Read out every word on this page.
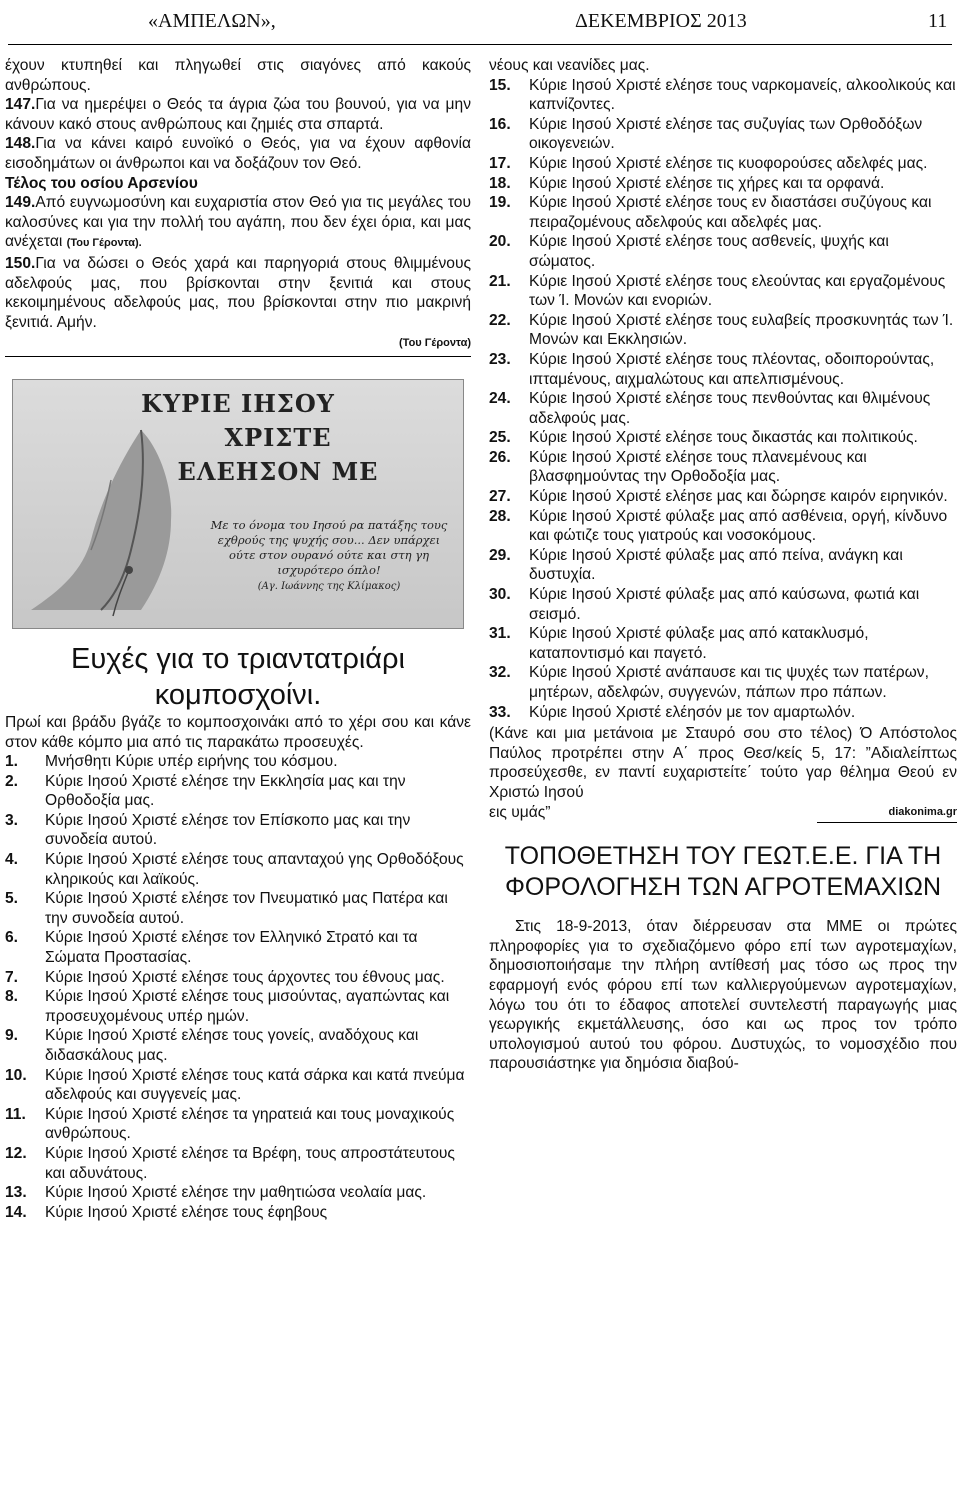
«ΑΜΠΕΛΩΝ»,	ΔΕΚΕΜΒΡΙΟΣ 2013	11

έχουν κτυπηθεί και πληγωθεί στις σιαγόνες από κακούς ανθρώπους.

147.Για να ημερέψει ο Θεός τα άγρια ζώα του βουνού, για να μην κάνουν κακό στους ανθρώπους και ζημιές στα σπαρτά.

148.Για να κάνει καιρό ευνοϊκό ο Θεός, για να έχουν αφθονία εισοδημάτων οι άνθρωποι και να δοξάζουν τον Θεό.

Τέλος του οσίου Αρσενίου

149.Από ευγνωμοσύνη και ευχαριστία στον Θεό για τις μεγάλες του καλοσύνες και για την πολλή του αγάπη, που δεν έχει όρια, και μας ανέχεται (Του Γέροντα).

150.Για να δώσει ο Θεός χαρά και παρηγοριά στους θλιμμένους αδελφούς μας, που βρίσκονται στην ξενιτιά και στους κεκοιμημένους αδελφούς μας, που βρίσκονται στην πιο μακρινή ξενιτιά. Αμήν.

(Του Γέροντα)
ΚΥΡΙΕ ΙΗΣΟΥ
ΧΡΙΣΤΕ
ΕΛΕΗΣΟΝ ΜΕ
Με το όνομα του Ιησού ρα πατάξης τους εχθρούς της ψυχής σου... Δεν υπάρχει ούτε στον ουρανό ούτε και στη γη ισχυρότερο όπλο!
(Αγ. Ιωάννης της Κλίμακος)
Ευχές για το τριαντατριάρι κομποσχοίνι.

Πρωί και βράδυ βγάζε το κομποσχοινάκι από το χέρι σου και κάνε στον κάθε κόμπο μια από τις παρακάτω προσευχές.

1.	Μνήσθητι Κύριε υπέρ ειρήνης του κόσμου.
2.	Κύριε Ιησού Χριστέ ελέησε την Εκκλησία μας και την Ορθοδοξία μας.
3.	Κύριε Ιησού Χριστέ ελέησε τον Επίσκοπο μας και την συνοδεία αυτού.
4.	Κύριε Ιησού Χριστέ ελέησε τους απανταχού γης Ορθοδόξους κληρικούς και λαϊκούς.
5.	Κύριε Ιησού Χριστέ ελέησε τον Πνευματικό μας Πατέρα και την συνοδεία αυτού.
6.	Κύριε Ιησού Χριστέ ελέησε τον Ελληνικό Στρατό και τα Σώματα Προστασίας.
7.	Κύριε Ιησού Χριστέ ελέησε τους άρχοντες του έθνους μας.
8.	Κύριε Ιησού Χριστέ ελέησε τους μισούντας, αγαπώντας και προσευχομένους υπέρ ημών.
9.	Κύριε Ιησού Χριστέ ελέησε τους γονείς, αναδόχους και διδασκάλους μας.
10.	Κύριε Ιησού Χριστέ ελέησε τους κατά σάρκα και κατά πνεύμα αδελφούς και συγγενείς μας.
11.	Κύριε Ιησού Χριστέ ελέησε τα γηρατειά και τους μοναχικούς ανθρώπους.
12.	Κύριε Ιησού Χριστέ ελέησε τα Βρέφη, τους απροστάτευτους και αδυνάτους.
13.	Κύριε Ιησού Χριστέ ελέησε την μαθητιώσα νεολαία μας.
14.	Κύριε Ιησού Χριστέ ελέησε τους έφηβους

νέους και νεανίδες μας.

15.	Κύριε Ιησού Χριστέ ελέησε τους ναρκομανείς, αλκοολικούς και καπνίζοντες.
16.	Κύριε Ιησού Χριστέ ελέησε τας συζυγίας των Ορθοδόξων οικογενειών.
17.	Κύριε Ιησού Χριστέ ελέησε τις κυοφορούσες αδελφές μας.
18.	Κύριε Ιησού Χριστέ ελέησε τις χήρες και τα ορφανά.
19.	Κύριε Ιησού Χριστέ ελέησε τους εν διαστάσει συζύγους και πειραζομένους αδελφούς και αδελφές μας.
20.	Κύριε Ιησού Χριστέ ελέησε τους ασθενείς, ψυχής και σώματος.
21.	Κύριε Ιησού Χριστέ ελέησε τους ελεούντας και εργαζομένους των Ί. Μονών και ενοριών.
22.	Κύριε Ιησού Χριστέ ελέησε τους ευλαβείς προσκυνητάς των Ί. Μονών και Εκκλησιών.
23.	Κύριε Ιησού Χριστέ ελέησε τους πλέοντας, οδοιπορούντας, ιπταμένους, αιχμαλώτους και απελπισμένους.
24.	Κύριε Ιησού Χριστέ ελέησε τους πενθούντας και θλιμένους αδελφούς μας.
25.	Κύριε Ιησού Χριστέ ελέησε τους δικαστάς και πολιτικούς.
26.	Κύριε Ιησού Χριστέ ελέησε τους πλανεμένους και βλασφημούντας την Ορθοδοξία μας.
27.	Κύριε Ιησού Χριστέ ελέησε μας και δώρησε καιρόν ειρηνικόν.
28.	Κύριε Ιησού Χριστέ φύλαξε μας από ασθένεια, οργή, κίνδυνο και φώτιζε τους γιατρούς και νοσοκόμους.
29.	Κύριε Ιησού Χριστέ φύλαξε μας από πείνα, ανάγκη και δυστυχία.
30.	Κύριε Ιησού Χριστέ φύλαξε μας από καύσωνα, φωτιά και σεισμό.
31.	Κύριε Ιησού Χριστέ φύλαξε μας από κατακλυσμό, καταποντισμό και παγετό.
32.	Κύριε Ιησού Χριστέ ανάπαυσε και τις ψυχές των πατέρων, μητέρων, αδελφών, συγγενών, πάπων προ πάπων.
33.	Κύριε Ιησού Χριστέ ελέησόν με τον αμαρτωλόν.

(Κάνε και μια μετάνοια με Σταυρό σου στο τέλος) Ό Απόστολος Παύλος προτρέπει στην Α΄ προς Θεσ/κείς 5, 17: ”Αδιαλείπτως προσεύχεσθε, εν παντί ευχαριστείτε΄ τούτο γαρ θέλημα Θεού εν Χριστώ Ιησού

εις υμάς”	diakonima.gr
ΤΟΠΟΘΕΤΗΣΗ ΤΟΥ ΓΕΩΤ.Ε.Ε. ΓΙΑ ΤΗ ΦΟΡΟΛΟΓΗΣΗ ΤΩΝ ΑΓΡΟΤΕΜΑΧΙΩΝ

Στις 18-9-2013, όταν διέρρευσαν στα ΜΜΕ οι πρώτες πληροφορίες για το σχεδιαζόμενο φόρο επί των αγροτεμαχίων, δημοσιοποιήσαμε την πλήρη αντίθεσή μας τόσο ως προς την εφαρμογή ενός φόρου επί των καλλιεργούμενων αγροτεμαχίων, λόγω του ότι το έδαφος αποτελεί συντελεστή παραγωγής μιας γεωργικής εκμετάλλευσης, όσο και ως προς τον τρόπο υπολογισμού αυτού του φόρου. Δυστυχώς, το νομοσχέδιο που παρουσιάστηκε για δημόσια διαβού-
